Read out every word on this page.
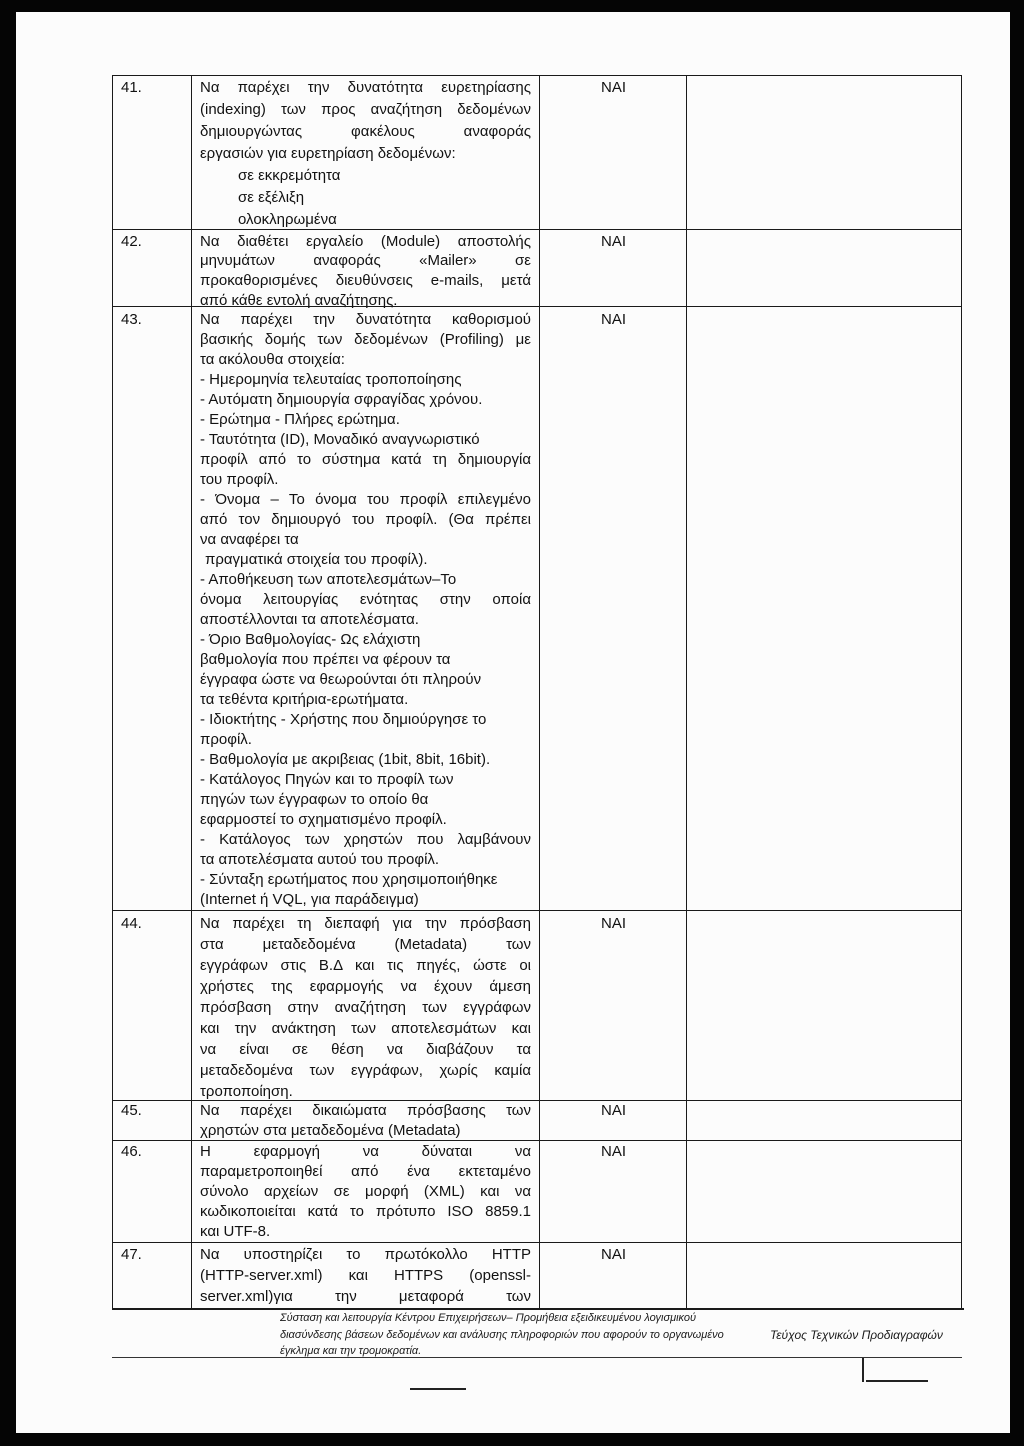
41.	Να παρέχει την δυνατότητα ευρετηρίασης
(indexing) των προς αναζήτηση δεδομένων
δημιουργώντας φακέλους αναφοράς
εργασιών για ευρετηρίαση δεδομένων:
σε εκκρεμότητα
σε εξέλιξη
ολοκληρωμένα
ΝΑΙ
42.	Να διαθέτει εργαλείο (Module) αποστολής
μηνυμάτων αναφοράς «Mailer» σε
προκαθορισμένες διευθύνσεις e-mails, μετά
από κάθε εντολή αναζήτησης.
ΝΑΙ
43.	Να παρέχει την δυνατότητα καθορισμού
βασικής δομής των δεδομένων (Profiling) με
τα ακόλουθα στοιχεία:
- Ημερομηνία τελευταίας τροποποίησης
- Αυτόματη δημιουργία σφραγίδας χρόνου.
- Ερώτημα - Πλήρες ερώτημα.
- Ταυτότητα (ID), Μοναδικό αναγνωριστικό
προφίλ από το σύστημα κατά τη δημιουργία
του προφίλ.
- Όνομα – Το όνομα του προφίλ επιλεγμένο
από τον δημιουργό του προφίλ. (Θα πρέπει
να αναφέρει τα
πραγματικά στοιχεία του προφίλ).
- Αποθήκευση των αποτελεσμάτων–Το
όνομα λειτουργίας ενότητας στην οποία
αποστέλλονται τα αποτελέσματα.
- Όριο Βαθμολογίας- Ως ελάχιστη
βαθμολογία που πρέπει να φέρουν τα
έγγραφα ώστε να θεωρούνται ότι πληρούν
τα τεθέντα κριτήρια-ερωτήματα.
- Ιδιοκτήτης - Χρήστης που δημιούργησε το
προφίλ.
- Βαθμολογία με ακριβειας (1bit, 8bit, 16bit).
- Κατάλογος Πηγών και το προφίλ των
πηγών των έγγραφων το οποίο θα
εφαρμοστεί το σχηματισμένο προφίλ.
- Κατάλογος των χρηστών που λαμβάνουν
τα αποτελέσματα αυτού του προφίλ.
- Σύνταξη ερωτήματος που χρησιμοποιήθηκε
(Internet ή VQL, για παράδειγμα)
ΝΑΙ
44.	Να παρέχει τη διεπαφή για την πρόσβαση
στα μεταδεδομένα (Metadata) των
εγγράφων στις Β.Δ και τις πηγές, ώστε οι
χρήστες της εφαρμογής να έχουν άμεση
πρόσβαση στην αναζήτηση των εγγράφων
και την ανάκτηση των αποτελεσμάτων και
να είναι σε θέση να διαβάζουν τα
μεταδεδομένα των εγγράφων, χωρίς καμία
τροποποίηση.
ΝΑΙ
45.	Να παρέχει δικαιώματα πρόσβασης των
χρηστών στα μεταδεδομένα (Metadata)
ΝΑΙ
46.	Η εφαρμογή να δύναται να
παραμετροποιηθεί από ένα εκτεταμένο
σύνολο αρχείων σε μορφή (XML) και να
κωδικοποιείται κατά το πρότυπο ISO 8859.1
και UTF-8.
ΝΑΙ
47.	Να υποστηρίζει το πρωτόκολλο HTTP
(HTTP-server.xml) και HTTPS (openssl-
server.xml)για την μεταφορά των
ΝΑΙ
Σύσταση και λειτουργία Κέντρου Επιχειρήσεων– Προμήθεια εξειδικευμένου λογισμικού
διασύνδεσης βάσεων δεδομένων και ανάλυσης πληροφοριών που αφορούν το οργανωμένο
έγκλημα και την τρομοκρατία.
Τεύχος Τεχνικών Προδιαγραφών
